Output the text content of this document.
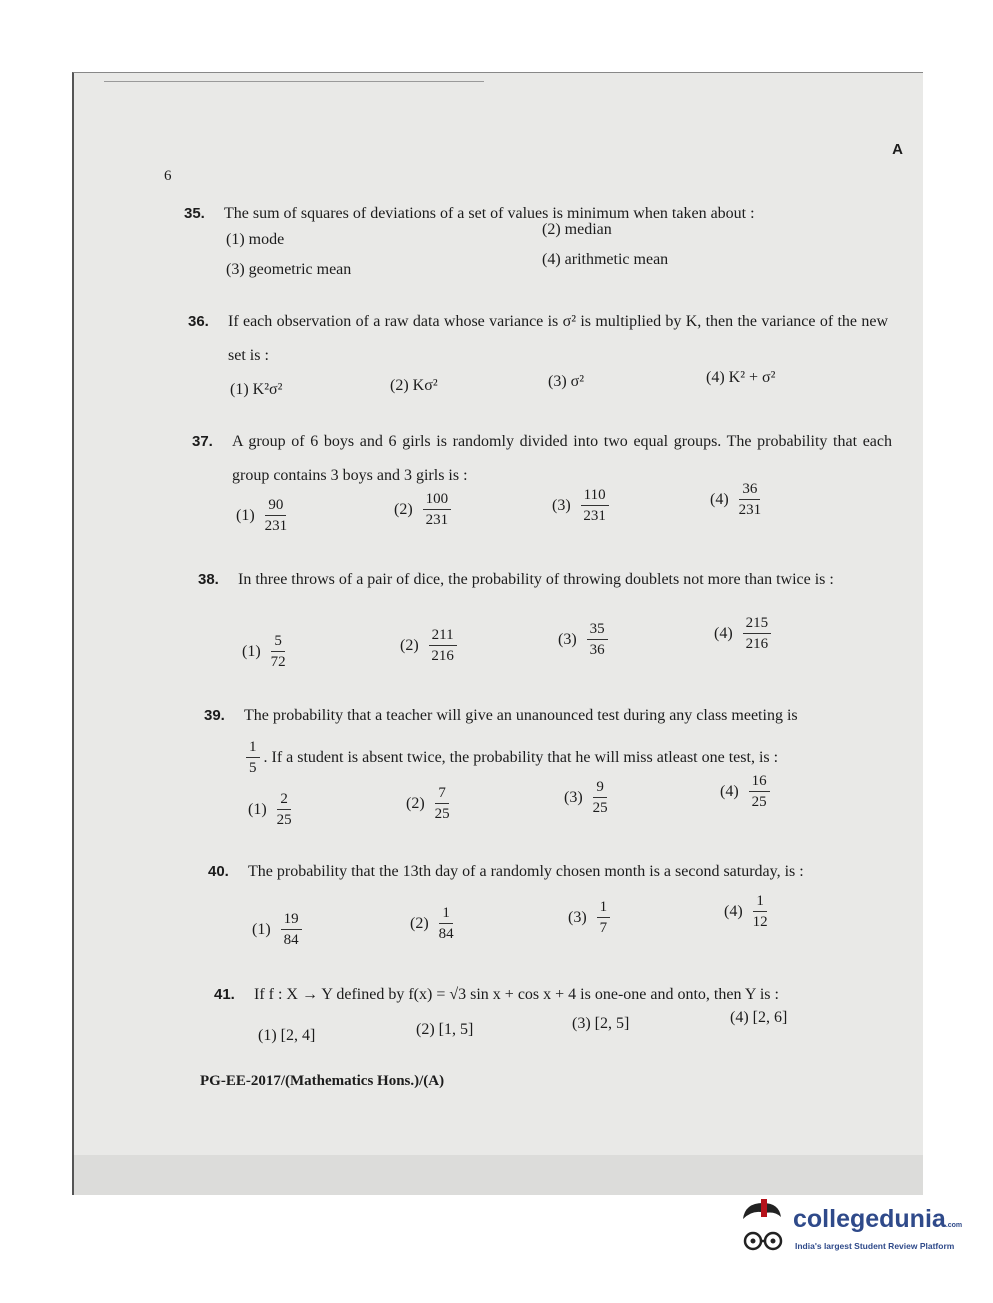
6
A
35. The sum of squares of deviations of a set of values is minimum when taken about :
(1) mode
(2) median
(3) geometric mean
(4) arithmetic mean
36. If each observation of a raw data whose variance is σ² is multiplied by K, then the variance of the new set is :
(1) K²σ²	(2) Kσ²	(3) σ²	(4) K² + σ²
37. A group of 6 boys and 6 girls is randomly divided into two equal groups. The probability that each group contains 3 boys and 3 girls is :
$(1) \frac{90}{231}$	$(2) \frac{100}{231}$	$(3) \frac{110}{231}$	$(4) \frac{36}{231}$
38. In three throws of a pair of dice, the probability of throwing doublets not more than twice is :
$(1) \frac{5}{72}$	$(2) \frac{211}{216}$	$(3) \frac{35}{36}$	$(4) \frac{215}{216}$
39. The probability that a teacher will give an unanounced test during any class meeting is
$\frac{1}{5}$ . If a student is absent twice, the probability that he will miss atleast one test, is :
$(1) \frac{2}{25}$	$(2) \frac{7}{25}$	$(3) \frac{9}{25}$	$(4) \frac{16}{25}$
40. The probability that the 13th day of a randomly chosen month is a second saturday, is :
$(1) \frac{19}{84}$	$(2) \frac{1}{84}$	$(3) \frac{1}{7}$	$(4) \frac{1}{12}$
41. If f : X → Y defined by f(x) = √3 sin x + cos x + 4 is one-one and onto, then Y is :
(1) [2, 4]	(2) [1, 5]	(3) [2, 5]	(4) [2, 6]
PG-EE-2017/(Mathematics Hons.)/(A)
collegedunia.com
India's largest Student Review Platform
